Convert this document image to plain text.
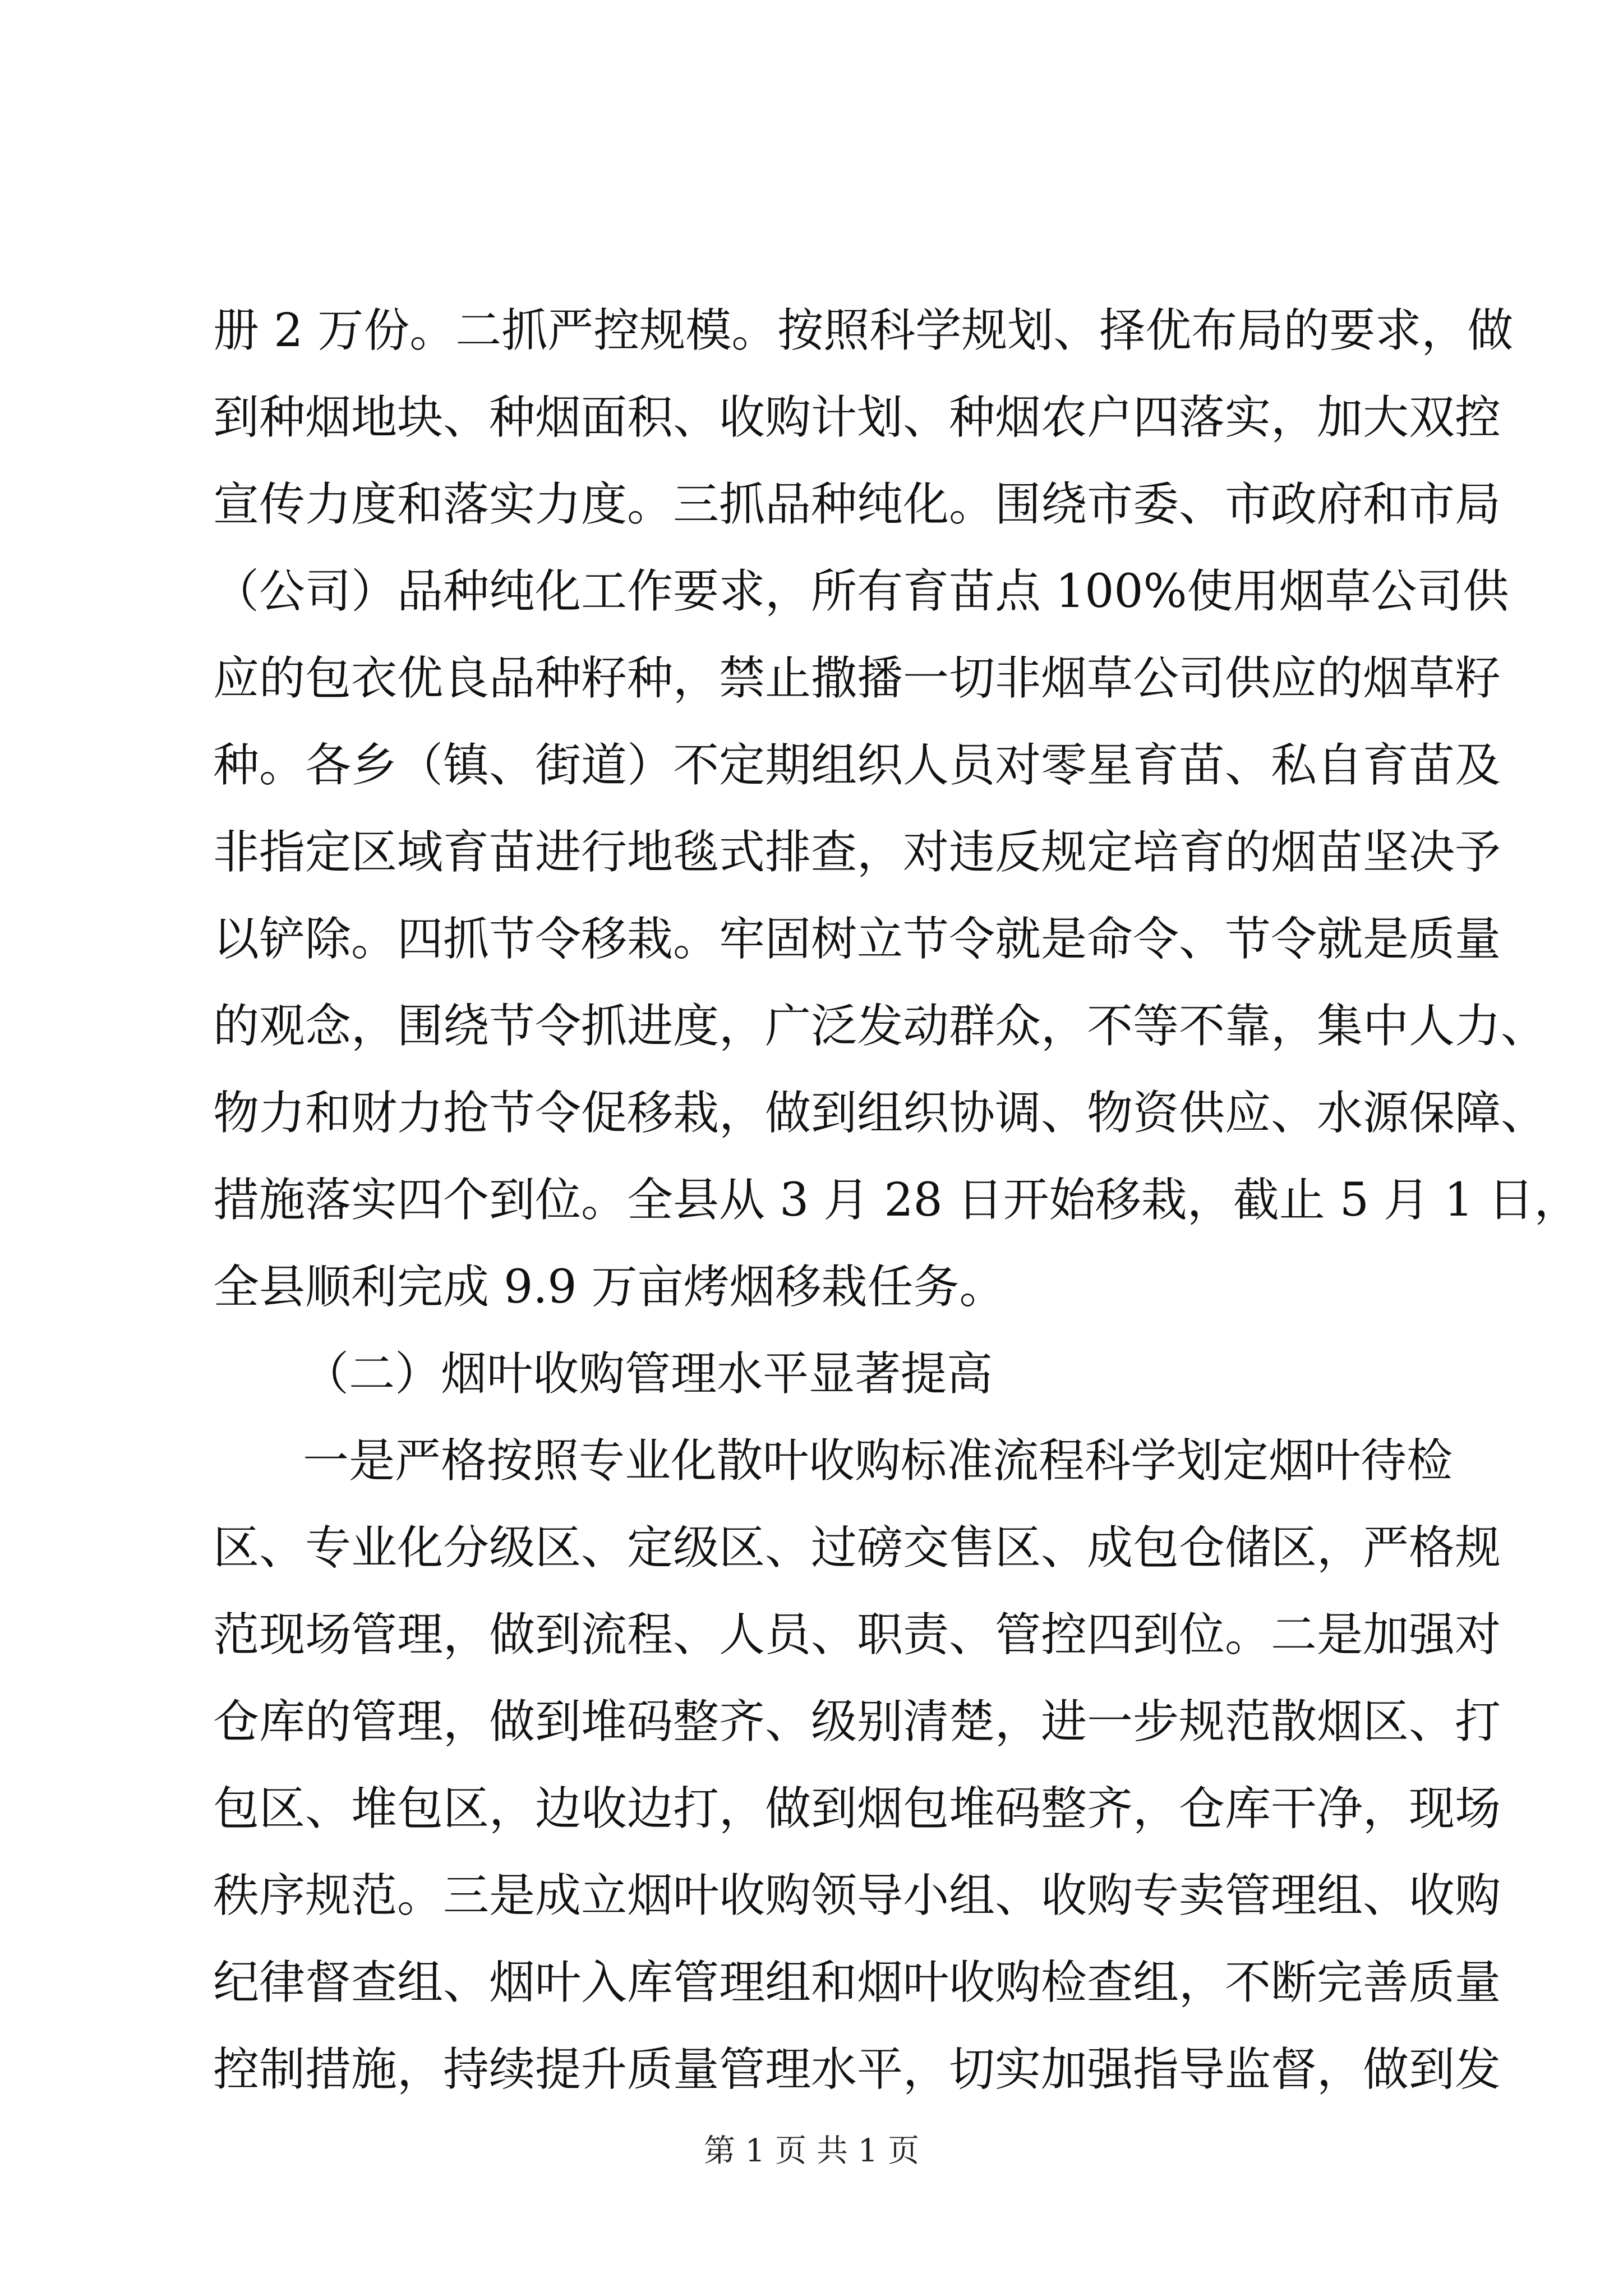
册 2 万份。二抓严控规模。按照科学规划、择优布局的要求，做
到种烟地块、种烟面积、收购计划、种烟农户四落实，加大双控
宣传力度和落实力度。三抓品种纯化。围绕市委、市政府和市局
（公司）品种纯化工作要求，所有育苗点 100%使用烟草公司供
应的包衣优良品种籽种，禁止撒播一切非烟草公司供应的烟草籽
种。各乡（镇、街道）不定期组织人员对零星育苗、私自育苗及
非指定区域育苗进行地毯式排查，对违反规定培育的烟苗坚决予
以铲除。四抓节令移栽。牢固树立节令就是命令、节令就是质量
的观念，围绕节令抓进度，广泛发动群众，不等不靠，集中人力、
物力和财力抢节令促移栽，做到组织协调、物资供应、水源保障、
措施落实四个到位。全县从 3 月 28 日开始移栽，截止 5 月 1 日，
全县顺利完成 9.9 万亩烤烟移栽任务。
（二）烟叶收购管理水平显著提高
一是严格按照专业化散叶收购标准流程科学划定烟叶待检
区、专业化分级区、定级区、过磅交售区、成包仓储区，严格规
范现场管理，做到流程、人员、职责、管控四到位。二是加强对
仓库的管理，做到堆码整齐、级别清楚，进一步规范散烟区、打
包区、堆包区，边收边打，做到烟包堆码整齐，仓库干净，现场
秩序规范。三是成立烟叶收购领导小组、收购专卖管理组、收购
纪律督查组、烟叶入库管理组和烟叶收购检查组，不断完善质量
控制措施，持续提升质量管理水平，切实加强指导监督，做到发
第 1 页 共 1 页
